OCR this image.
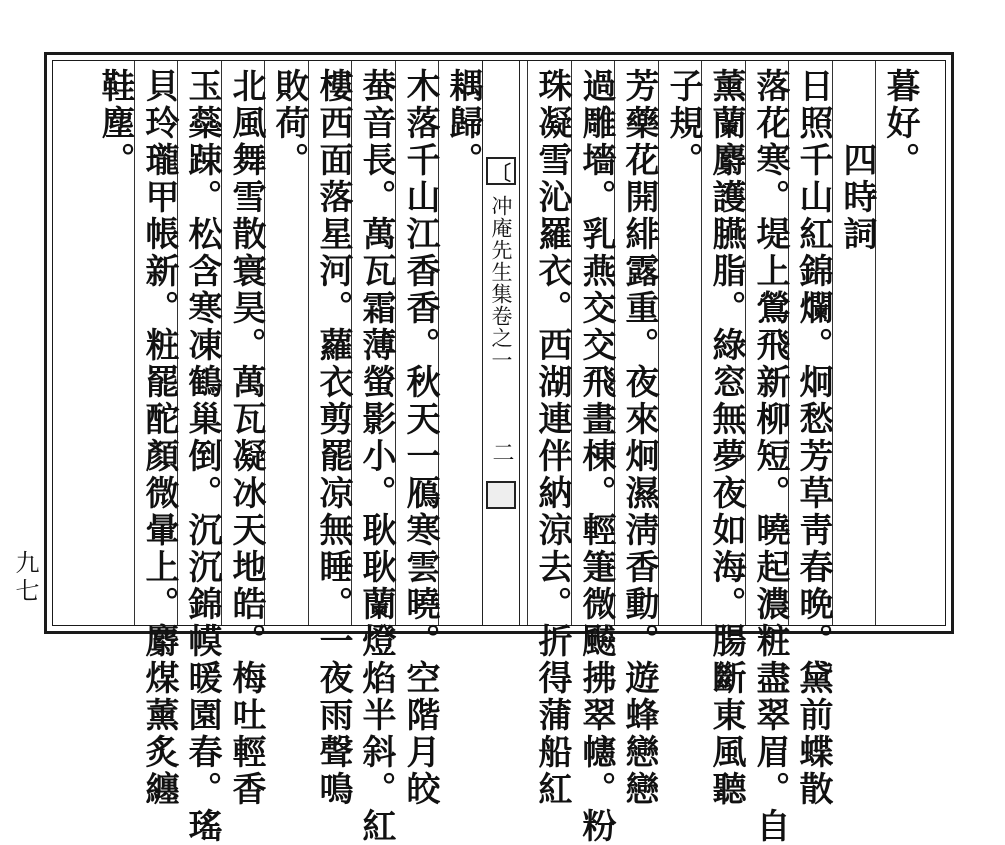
九七
〔
冲庵先生集卷之一
二
暮好。
　　四時詞
日照千山紅錦爛。炯愁芳草靑春晩。黛前蝶散
落花寒。堤上鶯飛新柳短。曉起濃粧盡翠眉。自
薰蘭麝護臙脂。綠窓無夢夜如海。腸斷東風聽
子規。
芳藥花開緋露重。夜來炯濕淸香動。遊蜂戀戀
過雕墻。乳燕交交飛畫棟。輕箑微飇拂翠幰。粉
珠凝雪沁羅衣。西湖連伴納涼去。折得蒲船紅
耦歸。
木落千山江香香。秋天一鴈寒雲曉。空階月皎
蛬音長。萬瓦霜薄螢影小。耿耿蘭燈焰半斜。紅
樓西面落星河。蘿衣剪罷凉無睡。一夜雨聲鳴
敗荷。
北風舞雪散寰昊。萬瓦凝冰天地皓。梅吐輕香
玉蘂踈。松含寒凍鶴巢倒。沉沉錦幙暖園春。瑤
貝玲瓏甲帳新。粧罷酡顏微暈上。麝煤薰炙纏
鞋塵。
